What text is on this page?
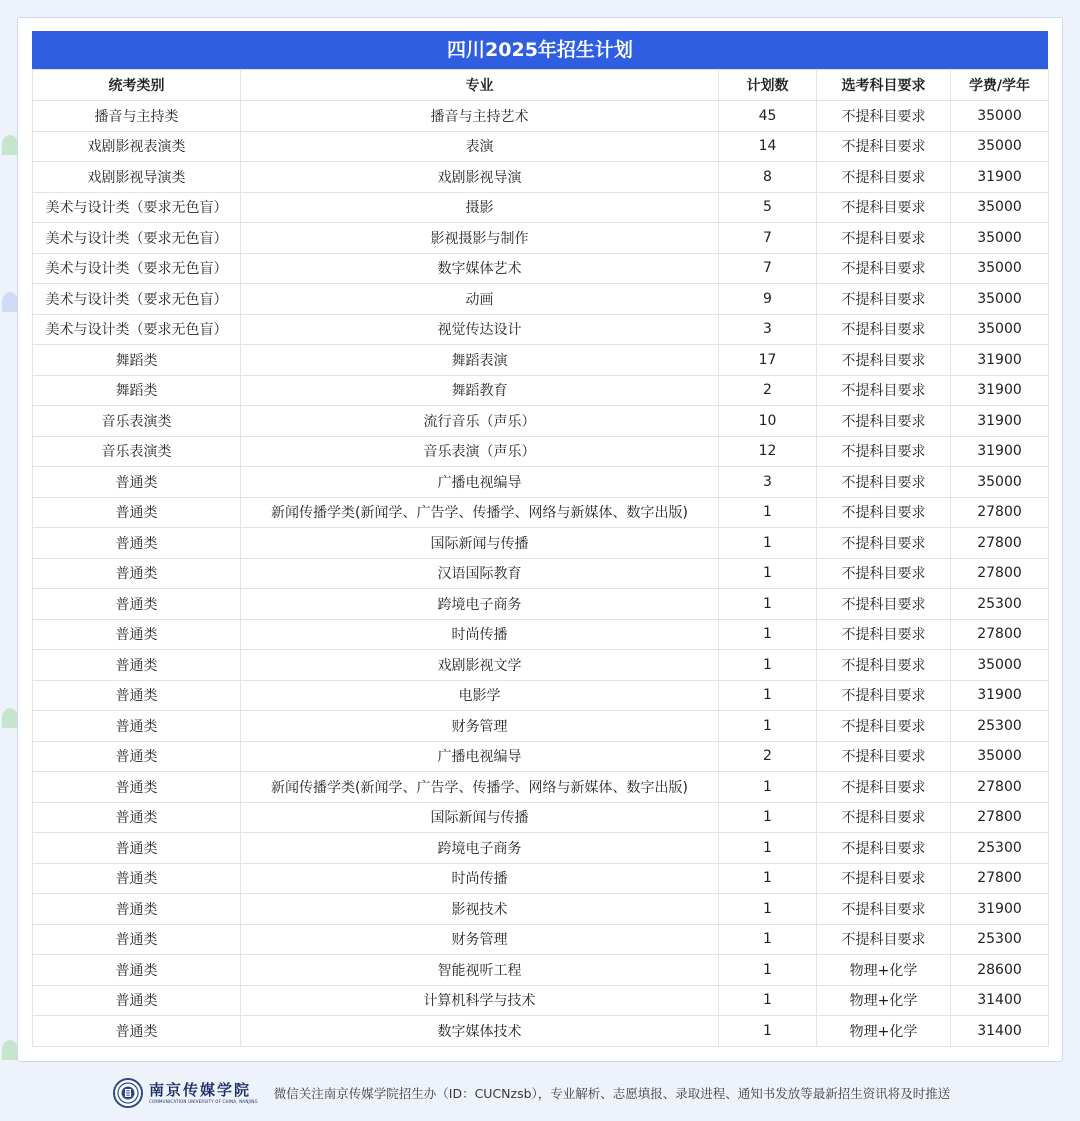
四川2025年招生计划
统考类别	专业	计划数	选考科目要求	学费/学年
播音与主持类	播音与主持艺术	45	不提科目要求	35000
戏剧影视表演类	表演	14	不提科目要求	35000
戏剧影视导演类	戏剧影视导演	8	不提科目要求	31900
美术与设计类（要求无色盲）	摄影	5	不提科目要求	35000
美术与设计类（要求无色盲）	影视摄影与制作	7	不提科目要求	35000
美术与设计类（要求无色盲）	数字媒体艺术	7	不提科目要求	35000
美术与设计类（要求无色盲）	动画	9	不提科目要求	35000
美术与设计类（要求无色盲）	视觉传达设计	3	不提科目要求	35000
舞蹈类	舞蹈表演	17	不提科目要求	31900
舞蹈类	舞蹈教育	2	不提科目要求	31900
音乐表演类	流行音乐（声乐）	10	不提科目要求	31900
音乐表演类	音乐表演（声乐）	12	不提科目要求	31900
普通类	广播电视编导	3	不提科目要求	35000
普通类	新闻传播学类(新闻学、广告学、传播学、网络与新媒体、数字出版)	1	不提科目要求	27800
普通类	国际新闻与传播	1	不提科目要求	27800
普通类	汉语国际教育	1	不提科目要求	27800
普通类	跨境电子商务	1	不提科目要求	25300
普通类	时尚传播	1	不提科目要求	27800
普通类	戏剧影视文学	1	不提科目要求	35000
普通类	电影学	1	不提科目要求	31900
普通类	财务管理	1	不提科目要求	25300
普通类	广播电视编导	2	不提科目要求	35000
普通类	新闻传播学类(新闻学、广告学、传播学、网络与新媒体、数字出版)	1	不提科目要求	27800
普通类	国际新闻与传播	1	不提科目要求	27800
普通类	跨境电子商务	1	不提科目要求	25300
普通类	时尚传播	1	不提科目要求	27800
普通类	影视技术	1	不提科目要求	31900
普通类	财务管理	1	不提科目要求	25300
普通类	智能视听工程	1	物理+化学	28600
普通类	计算机科学与技术	1	物理+化学	31400
普通类	数字媒体技术	1	物理+化学	31400
南京传媒学院
COMMUNICATION UNIVERSITY OF CHINA, NANJING
微信关注南京传媒学院招生办（ID：CUCNzsb），专业解析、志愿填报、录取进程、通知书发放等最新招生资讯将及时推送
